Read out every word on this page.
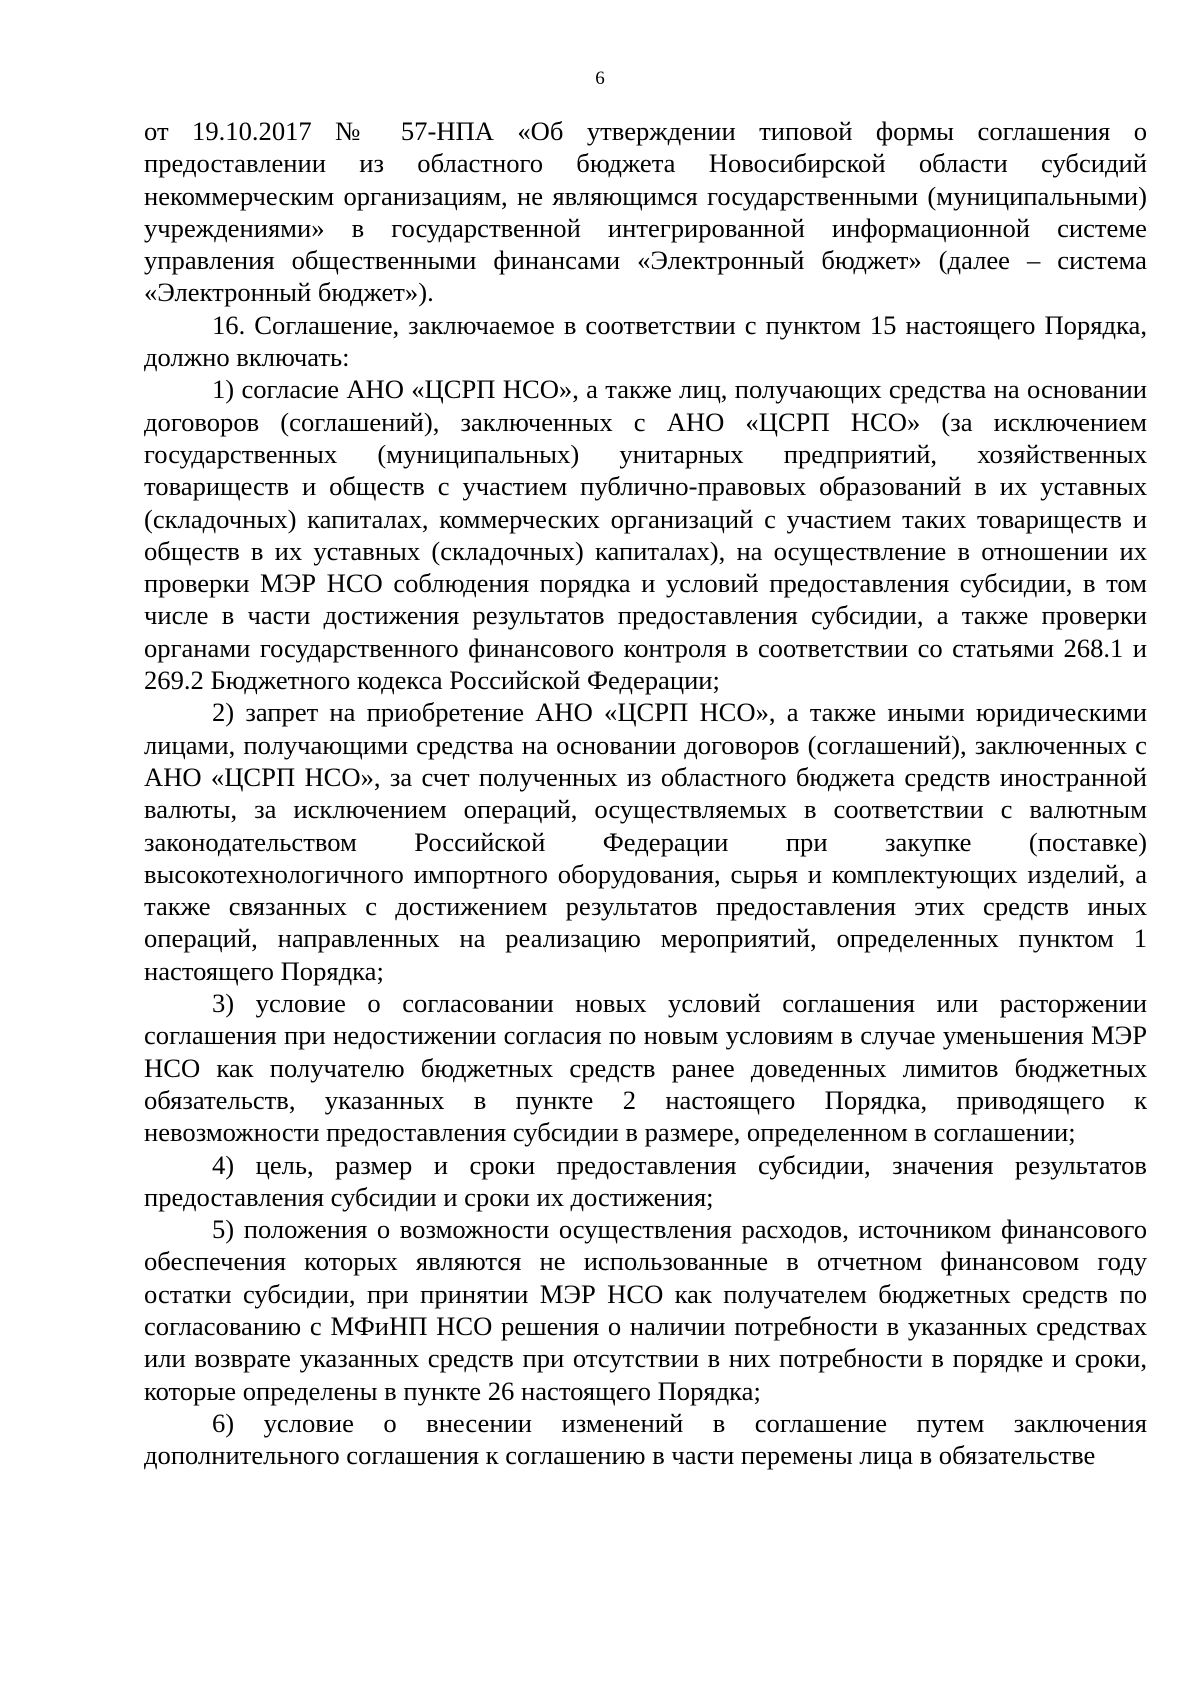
6

от 19.10.2017 № 57-НПА «Об утверждении типовой формы соглашения о предоставлении из областного бюджета Новосибирской области субсидий некоммерческим организациям, не являющимся государственными (муниципальными) учреждениями» в государственной интегрированной информационной системе управления общественными финансами «Электронный бюджет» (далее – система «Электронный бюджет»).

16. Соглашение, заключаемое в соответствии с пунктом 15 настоящего Порядка, должно включать:

1) согласие АНО «ЦСРП НСО», а также лиц, получающих средства на основании договоров (соглашений), заключенных с АНО «ЦСРП НСО» (за исключением государственных (муниципальных) унитарных предприятий, хозяйственных товариществ и обществ с участием публично-правовых образований в их уставных (складочных) капиталах, коммерческих организаций с участием таких товариществ и обществ в их уставных (складочных) капиталах), на осуществление в отношении их проверки МЭР НСО соблюдения порядка и условий предоставления субсидии, в том числе в части достижения результатов предоставления субсидии, а также проверки органами государственного финансового контроля в соответствии со статьями 268.1 и 269.2 Бюджетного кодекса Российской Федерации;

2) запрет на приобретение АНО «ЦСРП НСО», а также иными юридическими лицами, получающими средства на основании договоров (соглашений), заключенных с АНО «ЦСРП НСО», за счет полученных из областного бюджета средств иностранной валюты, за исключением операций, осуществляемых в соответствии с валютным законодательством Российской Федерации при закупке (поставке) высокотехнологичного импортного оборудования, сырья и комплектующих изделий, а также связанных с достижением результатов предоставления этих средств иных операций, направленных на реализацию мероприятий, определенных пунктом 1 настоящего Порядка;

3) условие о согласовании новых условий соглашения или расторжении соглашения при недостижении согласия по новым условиям в случае уменьшения МЭР НСО как получателю бюджетных средств ранее доведенных лимитов бюджетных обязательств, указанных в пункте 2 настоящего Порядка, приводящего к невозможности предоставления субсидии в размере, определенном в соглашении;

4) цель, размер и сроки предоставления субсидии, значения результатов предоставления субсидии и сроки их достижения;

5) положения о возможности осуществления расходов, источником финансового обеспечения которых являются не использованные в отчетном финансовом году остатки субсидии, при принятии МЭР НСО как получателем бюджетных средств по согласованию с МФиНП НСО решения о наличии потребности в указанных средствах или возврате указанных средств при отсутствии в них потребности в порядке и сроки, которые определены в пункте 26 настоящего Порядка;

6) условие о внесении изменений в соглашение путем заключения дополнительного соглашения к соглашению в части перемены лица в обязательстве
